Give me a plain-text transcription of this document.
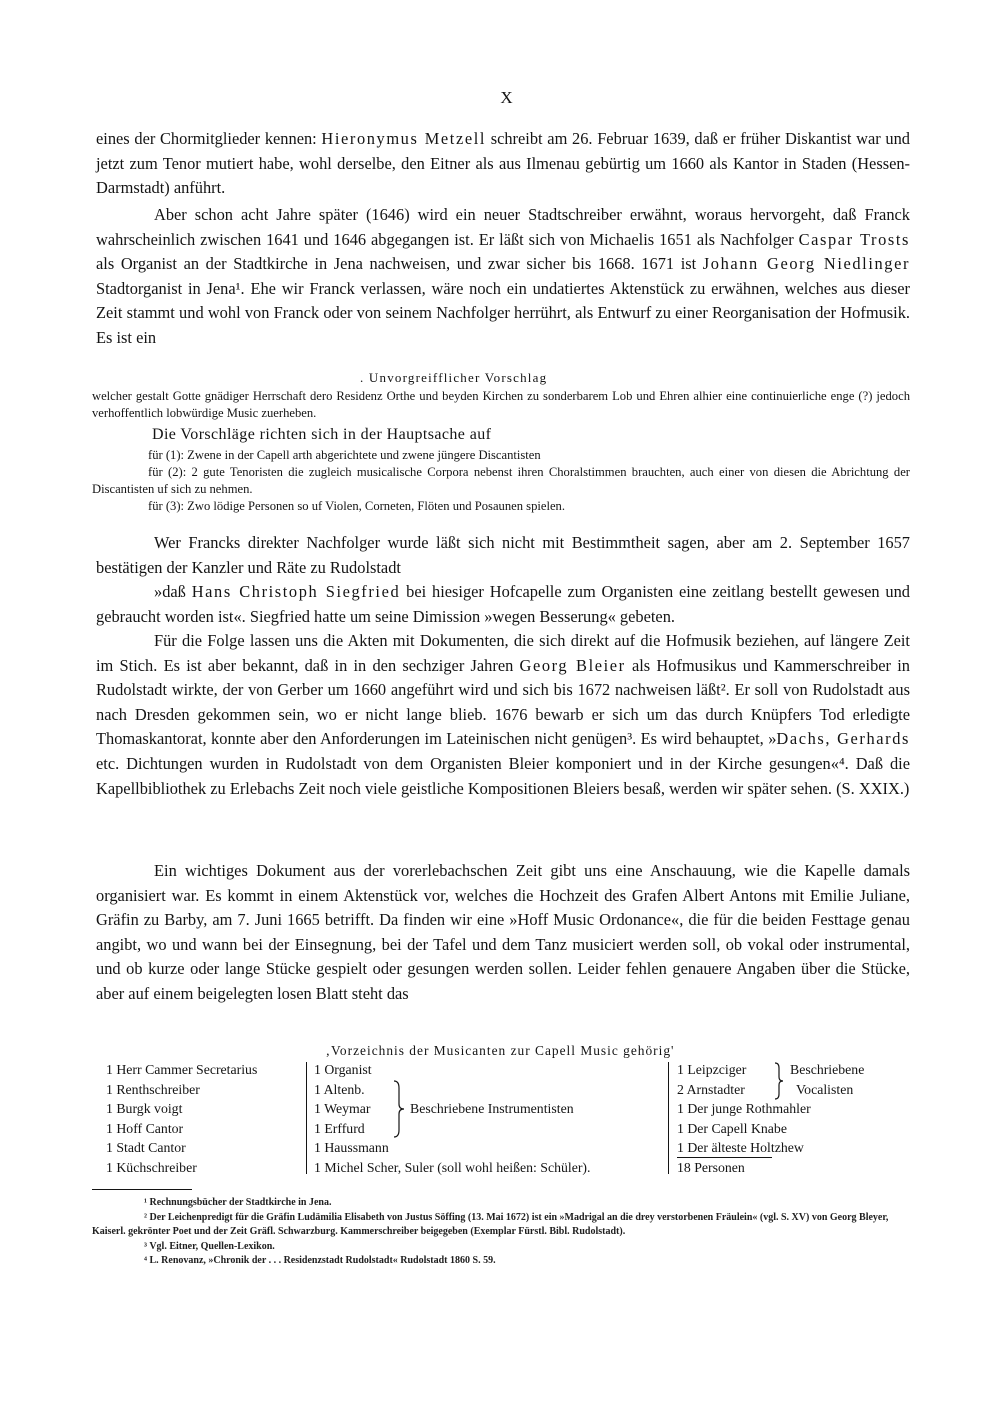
X

eines der Chormitglieder kennen: Hieronymus Metzell schreibt am 26. Februar 1639, daß er früher Diskantist war und jetzt zum Tenor mutiert habe, wohl derselbe, den Eitner als aus Ilmenau gebürtig um 1660 als Kantor in Staden (Hessen-Darmstadt) anführt.

Aber schon acht Jahre später (1646) wird ein neuer Stadtschreiber erwähnt, woraus hervorgeht, daß Franck wahrscheinlich zwischen 1641 und 1646 abgegangen ist. Er läßt sich von Michaelis 1651 als Nachfolger Caspar Trosts als Organist an der Stadtkirche in Jena nachweisen, und zwar sicher bis 1668. 1671 ist Johann Georg Niedlinger Stadtorganist in Jena¹. Ehe wir Franck verlassen, wäre noch ein undatiertes Aktenstück zu erwähnen, welches aus dieser Zeit stammt und wohl von Franck oder von seinem Nachfolger herrührt, als Entwurf zu einer Reorganisation der Hofmusik. Es ist ein

. Unvorgreifflicher Vorschlag

welcher gestalt Gotte gnädiger Herrschaft dero Residenz Orthe und beyden Kirchen zu sonderbarem Lob und Ehren alhier eine continuierliche enge (?) jedoch verhoffentlich lobwürdige Music zuerheben.

Die Vorschläge richten sich in der Hauptsache auf

für (1): Zwene in der Capell arth abgerichtete und zwene jüngere Discantisten

für (2): 2 gute Tenoristen die zugleich musicalische Corpora nebenst ihren Choralstimmen brauchten, auch einer von diesen die Abrichtung der Discantisten uf sich zu nehmen.

für (3): Zwo lödige Personen so uf Violen, Corneten, Flöten und Posaunen spielen.

Wer Francks direkter Nachfolger wurde läßt sich nicht mit Bestimmtheit sagen, aber am 2. September 1657 bestätigen der Kanzler und Räte zu Rudolstadt

»daß Hans Christoph Siegfried bei hiesiger Hofcapelle zum Organisten eine zeitlang bestellt gewesen und gebraucht worden ist«. Siegfried hatte um seine Dimission »wegen Besserung« gebeten.

Für die Folge lassen uns die Akten mit Dokumenten, die sich direkt auf die Hofmusik beziehen, auf längere Zeit im Stich. Es ist aber bekannt, daß in in den sechziger Jahren Georg Bleier als Hofmusikus und Kammerschreiber in Rudolstadt wirkte, der von Gerber um 1660 angeführt wird und sich bis 1672 nachweisen läßt². Er soll von Rudolstadt aus nach Dresden gekommen sein, wo er nicht lange blieb. 1676 bewarb er sich um das durch Knüpfers Tod erledigte Thomaskantorat, konnte aber den Anforderungen im Lateinischen nicht genügen³. Es wird behauptet, »Dachs, Gerhards etc. Dichtungen wurden in Rudolstadt von dem Organisten Bleier komponiert und in der Kirche gesungen«⁴. Daß die Kapellbibliothek zu Erlebachs Zeit noch viele geistliche Kompositionen Bleiers besaß, werden wir später sehen. (S. XXIX.)

Ein wichtiges Dokument aus der vorerlebachschen Zeit gibt uns eine Anschauung, wie die Kapelle damals organisiert war. Es kommt in einem Aktenstück vor, welches die Hochzeit des Grafen Albert Antons mit Emilie Juliane, Gräfin zu Barby, am 7. Juni 1665 betrifft. Da finden wir eine »Hoff Music Ordonance«, die für die beiden Festtage genau angibt, wo und wann bei der Einsegnung, bei der Tafel und dem Tanz musiciert werden soll, ob vokal oder instrumental, und ob kurze oder lange Stücke gespielt oder gesungen werden sollen. Leider fehlen genauere Angaben über die Stücke, aber auf einem beigelegten losen Blatt steht das

‚Vorzeichnis der Musicanten zur Capell Music gehörig'
1 Herr Cammer Secretarius
1 Renthschreiber
1 Burgk voigt
1 Hoff Cantor
1 Stadt Cantor
1 Küchschreiber
1 Organist
1 Altenb.
1 Weymar
1 Erffurd
1 Haussmann
1 Michel Scher, Suler (soll wohl heißen: Schüler).
Beschriebene Instrumentisten
1 Leipzciger
2 Arnstadter
1 Der junge Rothmahler
1 Der Capell Knabe
1 Der älteste Holtzhew
Beschriebene
Vocalisten
18 Personen

¹ Rechnungsbücher der Stadtkirche in Jena.

² Der Leichenpredigt für die Gräfin Ludämilia Elisabeth von Justus Söffing (13. Mai 1672) ist ein »Madrigal an die drey verstorbenen Fräulein« (vgl. S. XV) von Georg Bleyer, Kaiserl. gekrönter Poet und der Zeit Gräfl. Schwarzburg. Kammerschreiber beigegeben (Exemplar Fürstl. Bibl. Rudolstadt).

³ Vgl. Eitner, Quellen-Lexikon.

⁴ L. Renovanz, »Chronik der . . . Residenzstadt Rudolstadt« Rudolstadt 1860 S. 59.
